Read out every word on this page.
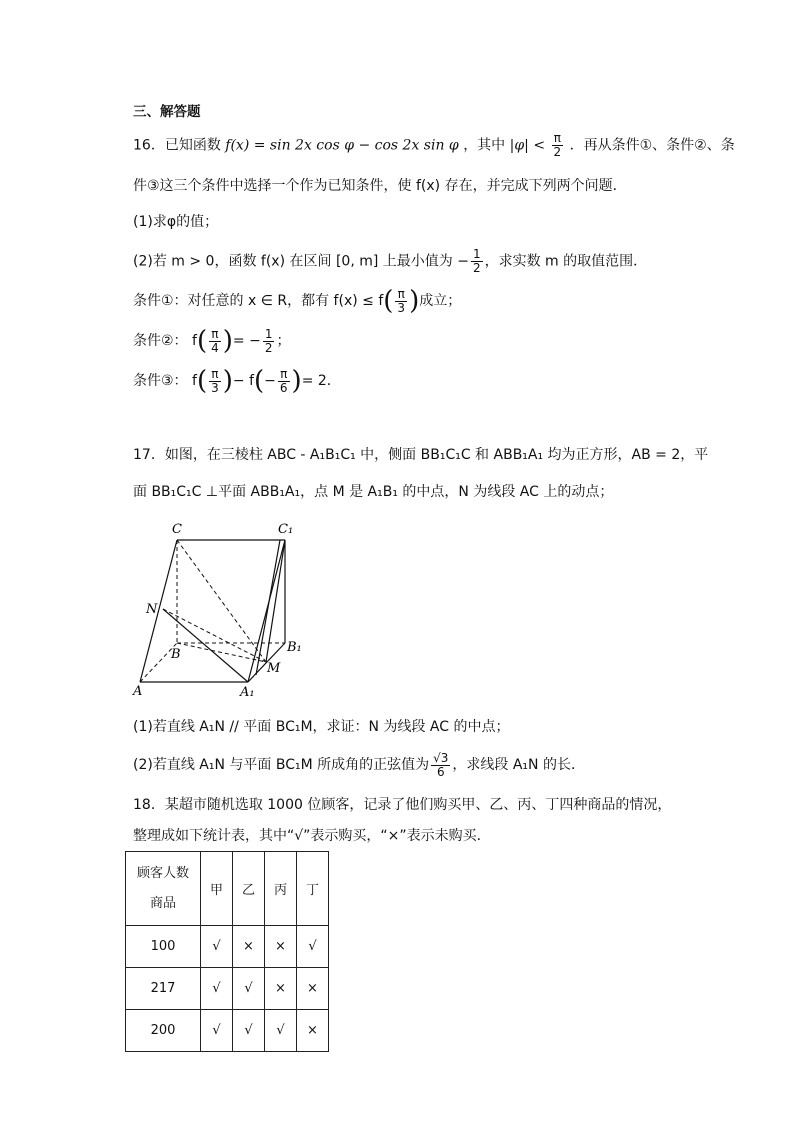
三、解答题
16．已知函数 f(x) = sin 2x cos φ − cos 2x sin φ ，其中 $|\varphi| < \frac{\pi}{2}$ ．再从条件①、条件②、条
件③这三个条件中选择一个作为已知条件，使 f(x) 存在，并完成下列两个问题．
(1)求φ的值；
(2)若 m > 0，函数 f(x) 在区间 [0, m] 上最小值为 − $\frac{1}{2}$ ，求实数 m 的取值范围．
条件①：对任意的 x ∈ R，都有 $f(x) \le f( \frac{\pi}{3}$ )成立；
条件②： $f( \frac{\pi}{4}$ )= − $\frac{1}{2}$ ；
条件③： $f( \frac{\pi}{3}$ )− $f(- \frac{\pi}{6}$ )= 2．
17．如图，在三棱柱 ABC - A₁B₁C₁ 中，侧面 BB₁C₁C 和 ABB₁A₁ 均为正方形，AB = 2，平
面 BB₁C₁C ⊥平面 ABB₁A₁，点 M 是 A₁B₁ 的中点，N 为线段 AC 上的动点；
C	C₁
N
B	B₁
M
A	A₁
(1)若直线 A₁N // 平面 BC₁M，求证：N 为线段 AC 的中点；
(2)若直线 A₁N 与平面 BC₁M 所成角的正弦值为 $\frac{√3}{6}$ ，求线段 A₁N 的长．
18．某超市随机选取 1000 位顾客，记录了他们购买甲、乙、丙、丁四种商品的情况，
整理成如下统计表，其中“√”表示购买，“×”表示未购买．
顾客人数
商品	甲	乙	丙	丁
100	√	×	×	√
217	√	√	×	×
200	√	√	√	×
